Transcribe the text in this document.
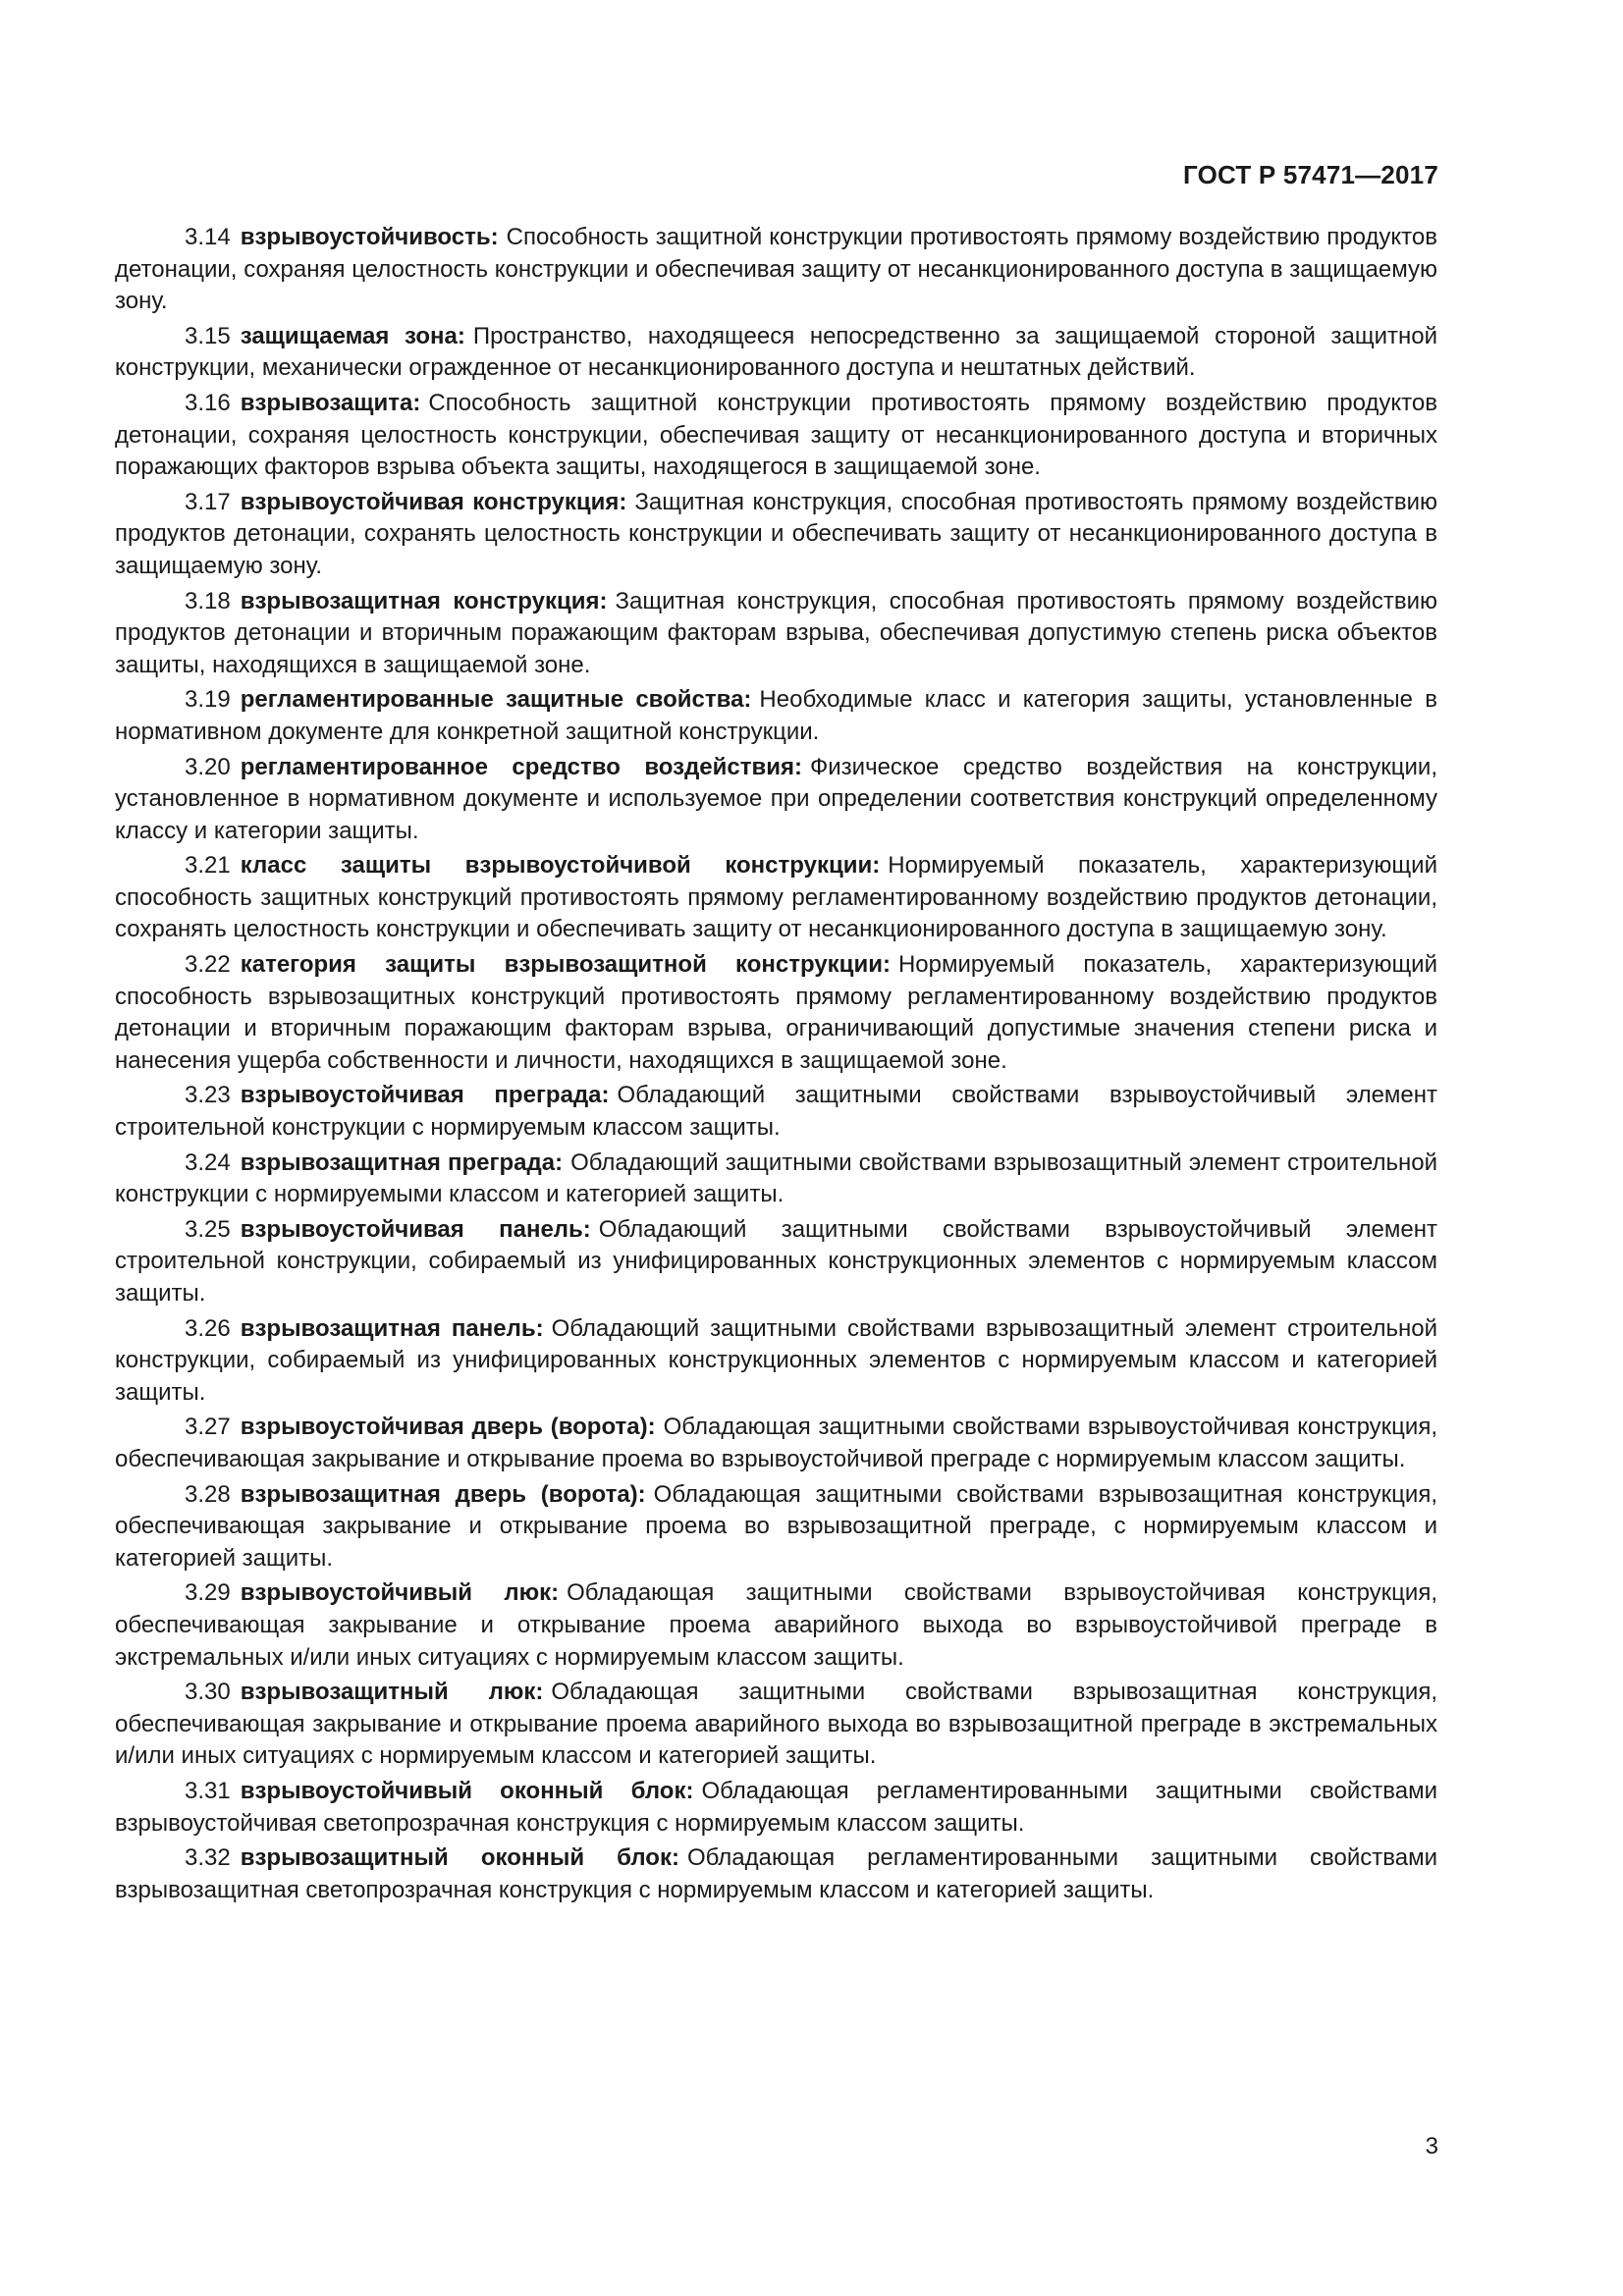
ГОСТ Р 57471—2017

3.14 взрывоустойчивость: Способность защитной конструкции противостоять прямому воздействию продуктов детонации, сохраняя целостность конструкции и обеспечивая защиту от несанкционированного доступа в защищаемую зону.

3.15 защищаемая зона: Пространство, находящееся непосредственно за защищаемой стороной защитной конструкции, механически огражденное от несанкционированного доступа и нештатных действий.

3.16 взрывозащита: Способность защитной конструкции противостоять прямому воздействию продуктов детонации, сохраняя целостность конструкции, обеспечивая защиту от несанкционированного доступа и вторичных поражающих факторов взрыва объекта защиты, находящегося в защищаемой зоне.

3.17 взрывоустойчивая конструкция: Защитная конструкция, способная противостоять прямому воздействию продуктов детонации, сохранять целостность конструкции и обеспечивать защиту от несанкционированного доступа в защищаемую зону.

3.18 взрывозащитная конструкция: Защитная конструкция, способная противостоять прямому воздействию продуктов детонации и вторичным поражающим факторам взрыва, обеспечивая допустимую степень риска объектов защиты, находящихся в защищаемой зоне.

3.19 регламентированные защитные свойства: Необходимые класс и категория защиты, установленные в нормативном документе для конкретной защитной конструкции.

3.20 регламентированное средство воздействия: Физическое средство воздействия на конструкции, установленное в нормативном документе и используемое при определении соответствия конструкций определенному классу и категории защиты.

3.21 класс защиты взрывоустойчивой конструкции: Нормируемый показатель, характеризующий способность защитных конструкций противостоять прямому регламентированному воздействию продуктов детонации, сохранять целостность конструкции и обеспечивать защиту от несанкционированного доступа в защищаемую зону.

3.22 категория защиты взрывозащитной конструкции: Нормируемый показатель, характеризующий способность взрывозащитных конструкций противостоять прямому регламентированному воздействию продуктов детонации и вторичным поражающим факторам взрыва, ограничивающий допустимые значения степени риска и нанесения ущерба собственности и личности, находящихся в защищаемой зоне.

3.23 взрывоустойчивая преграда: Обладающий защитными свойствами взрывоустойчивый элемент строительной конструкции с нормируемым классом защиты.

3.24 взрывозащитная преграда: Обладающий защитными свойствами взрывозащитный элемент строительной конструкции с нормируемыми классом и категорией защиты.

3.25 взрывоустойчивая панель: Обладающий защитными свойствами взрывоустойчивый элемент строительной конструкции, собираемый из унифицированных конструкционных элементов с нормируемым классом защиты.

3.26 взрывозащитная панель: Обладающий защитными свойствами взрывозащитный элемент строительной конструкции, собираемый из унифицированных конструкционных элементов с нормируемым классом и категорией защиты.

3.27 взрывоустойчивая дверь (ворота): Обладающая защитными свойствами взрывоустойчивая конструкция, обеспечивающая закрывание и открывание проема во взрывоустойчивой преграде с нормируемым классом защиты.

3.28 взрывозащитная дверь (ворота): Обладающая защитными свойствами взрывозащитная конструкция, обеспечивающая закрывание и открывание проема во взрывозащитной преграде, с нормируемым классом и категорией защиты.

3.29 взрывоустойчивый люк: Обладающая защитными свойствами взрывоустойчивая конструкция, обеспечивающая закрывание и открывание проема аварийного выхода во взрывоустойчивой преграде в экстремальных и/или иных ситуациях с нормируемым классом защиты.

3.30 взрывозащитный люк: Обладающая защитными свойствами взрывозащитная конструкция, обеспечивающая закрывание и открывание проема аварийного выхода во взрывозащитной преграде в экстремальных и/или иных ситуациях с нормируемым классом и категорией защиты.

3.31 взрывоустойчивый оконный блок: Обладающая регламентированными защитными свойствами взрывоустойчивая светопрозрачная конструкция с нормируемым классом защиты.

3.32 взрывозащитный оконный блок: Обладающая регламентированными защитными свойствами взрывозащитная светопрозрачная конструкция с нормируемым классом и категорией защиты.

3
